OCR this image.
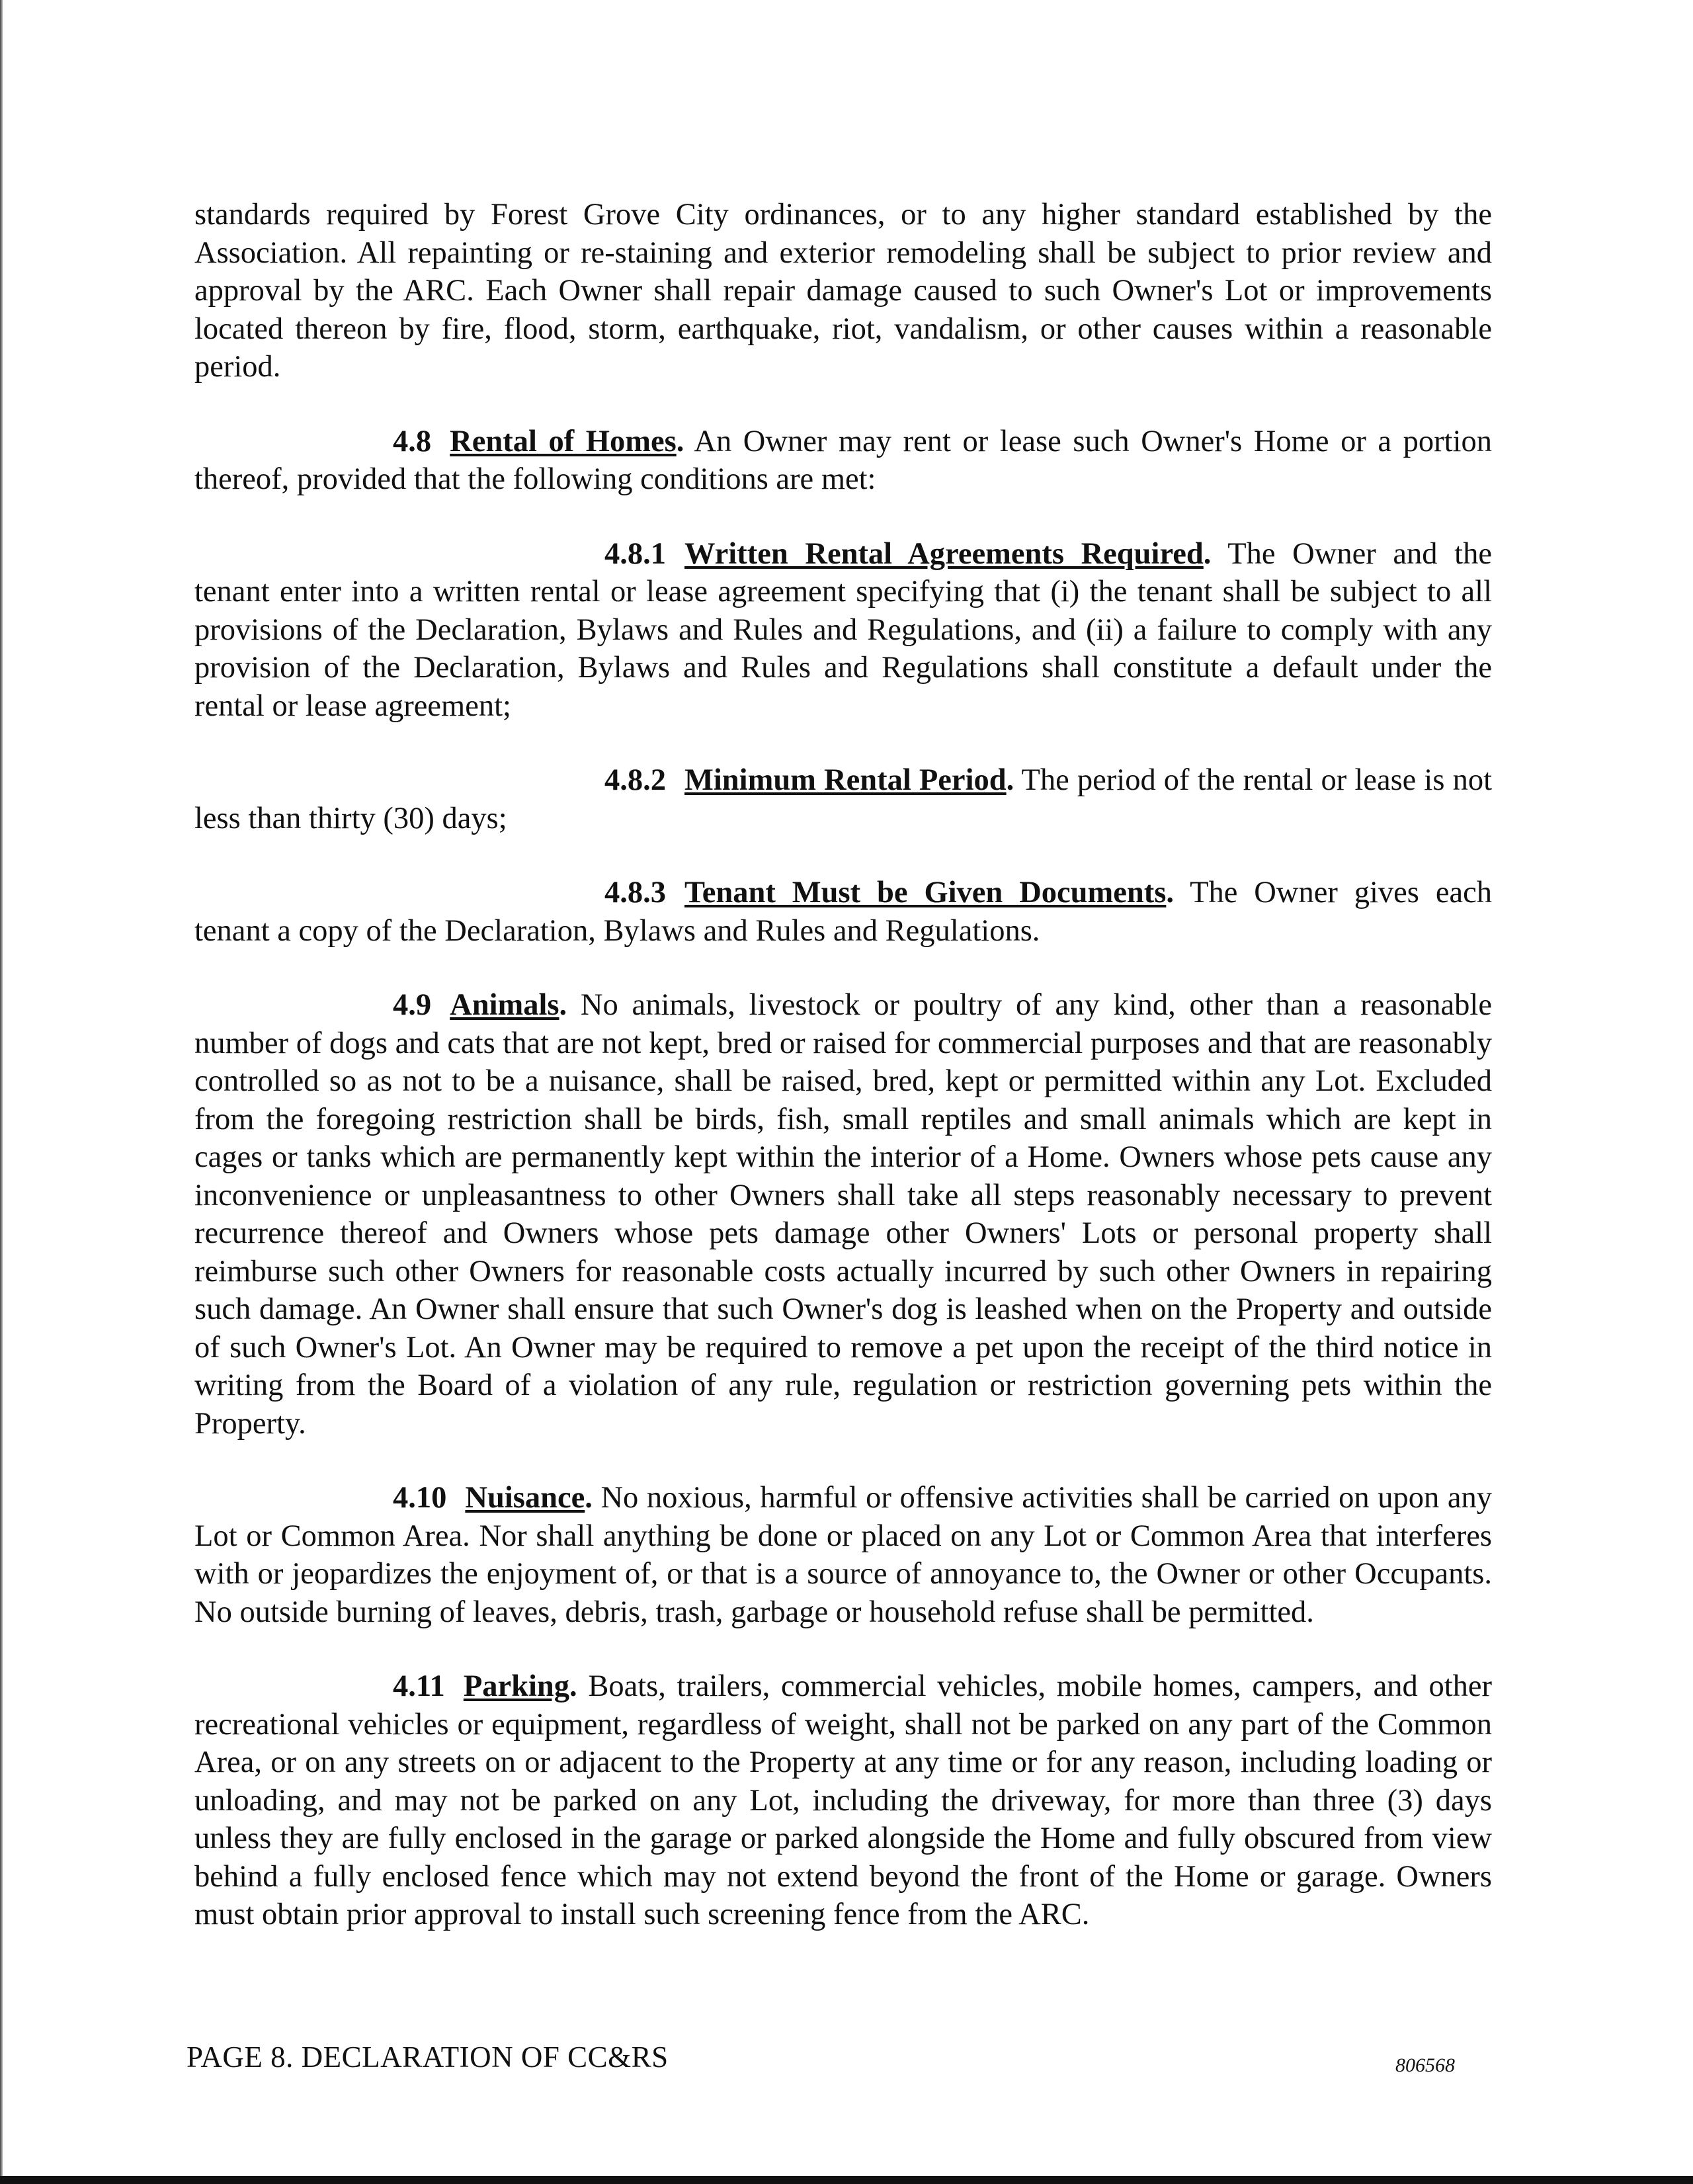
standards required by Forest Grove City ordinances, or to any higher standard established by the Association. All repainting or re-staining and exterior remodeling shall be subject to prior review and approval by the ARC. Each Owner shall repair damage caused to such Owner's Lot or improvements located thereon by fire, flood, storm, earthquake, riot, vandalism, or other causes within a reasonable period.

4.8 Rental of Homes. An Owner may rent or lease such Owner's Home or a portion thereof, provided that the following conditions are met:

4.8.1 Written Rental Agreements Required. The Owner and the tenant enter into a written rental or lease agreement specifying that (i) the tenant shall be subject to all provisions of the Declaration, Bylaws and Rules and Regulations, and (ii) a failure to comply with any provision of the Declaration, Bylaws and Rules and Regulations shall constitute a default under the rental or lease agreement;

4.8.2 Minimum Rental Period. The period of the rental or lease is not less than thirty (30) days;

4.8.3 Tenant Must be Given Documents. The Owner gives each tenant a copy of the Declaration, Bylaws and Rules and Regulations.

4.9 Animals. No animals, livestock or poultry of any kind, other than a reasonable number of dogs and cats that are not kept, bred or raised for commercial purposes and that are reasonably controlled so as not to be a nuisance, shall be raised, bred, kept or permitted within any Lot. Excluded from the foregoing restriction shall be birds, fish, small reptiles and small animals which are kept in cages or tanks which are permanently kept within the interior of a Home. Owners whose pets cause any inconvenience or unpleasantness to other Owners shall take all steps reasonably necessary to prevent recurrence thereof and Owners whose pets damage other Owners' Lots or personal property shall reimburse such other Owners for reasonable costs actually incurred by such other Owners in repairing such damage. An Owner shall ensure that such Owner's dog is leashed when on the Property and outside of such Owner's Lot. An Owner may be required to remove a pet upon the receipt of the third notice in writing from the Board of a violation of any rule, regulation or restriction governing pets within the Property.

4.10 Nuisance. No noxious, harmful or offensive activities shall be carried on upon any Lot or Common Area. Nor shall anything be done or placed on any Lot or Common Area that interferes with or jeopardizes the enjoyment of, or that is a source of annoyance to, the Owner or other Occupants. No outside burning of leaves, debris, trash, garbage or household refuse shall be permitted.

4.11 Parking. Boats, trailers, commercial vehicles, mobile homes, campers, and other recreational vehicles or equipment, regardless of weight, shall not be parked on any part of the Common Area, or on any streets on or adjacent to the Property at any time or for any reason, including loading or unloading, and may not be parked on any Lot, including the driveway, for more than three (3) days unless they are fully enclosed in the garage or parked alongside the Home and fully obscured from view behind a fully enclosed fence which may not extend beyond the front of the Home or garage. Owners must obtain prior approval to install such screening fence from the ARC.

PAGE 8. DECLARATION OF CC&RS	806568
